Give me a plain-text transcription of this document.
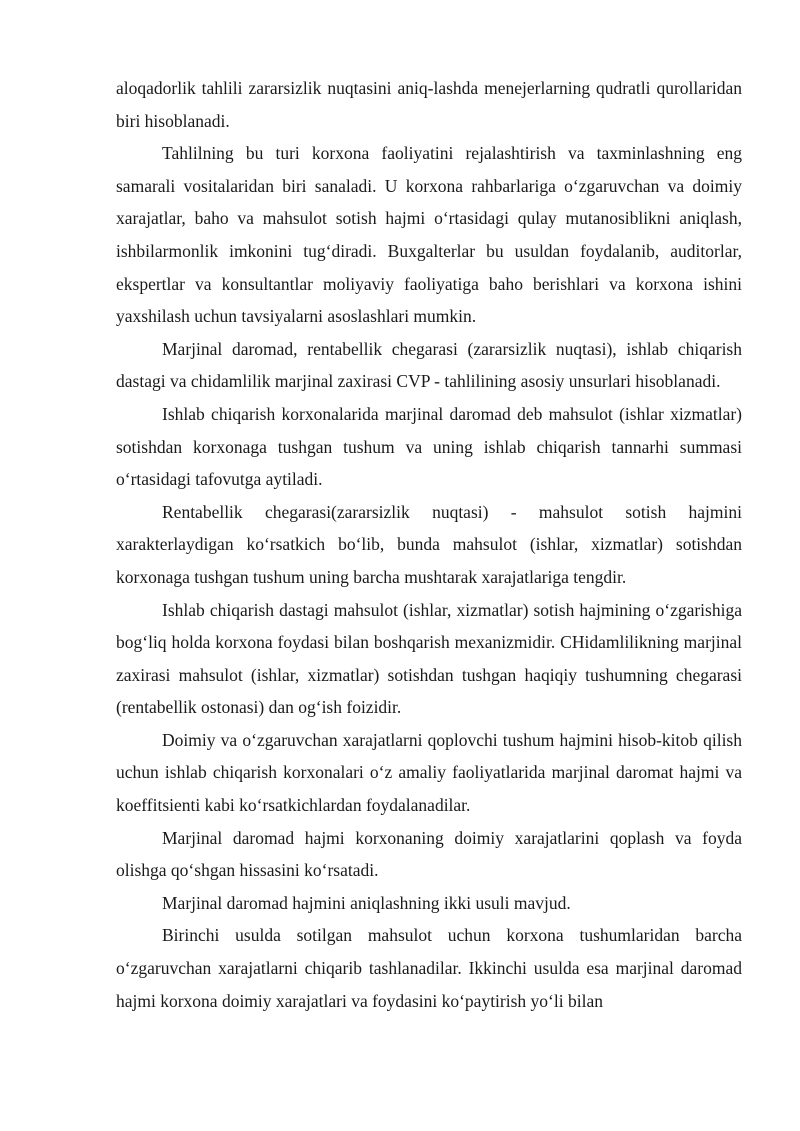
aloqadorlik tahlili zararsizlik nuqtasini aniq-lashda menejerlarning qudratli qurollaridan biri hisoblanadi.

Tahlilning bu turi korxona faoliyatini rejalashtirish va taxminlashning eng samarali vositalaridan biri sanaladi. U korxona rahbarlariga o‘zgaruvchan va doimiy xarajatlar, baho va mahsulot sotish hajmi o‘rtasidagi qulay mutanosiblikni aniqlash, ishbilarmonlik imkonini tug‘diradi. Buxgalterlar bu usuldan foydalanib, auditorlar, ekspertlar va konsultantlar moliyaviy faoliyatiga baho berishlari va korxona ishini yaxshilash uchun tavsiyalarni asoslashlari mumkin.

Marjinal daromad, rentabellik chegarasi (zararsizlik nuqtasi), ishlab chiqarish dastagi va chidamlilik marjinal zaxirasi CVP - tahlilining asosiy unsurlari hisoblanadi.

Ishlab chiqarish korxonalarida marjinal daromad deb mahsulot (ishlar xizmatlar) sotishdan korxonaga tushgan tushum va uning ishlab chiqarish tannarhi summasi o‘rtasidagi tafovutga aytiladi.

Rentabellik chegarasi(zararsizlik nuqtasi) - mahsulot sotish hajmini xarakterlaydigan ko‘rsatkich bo‘lib, bunda mahsulot (ishlar, xizmatlar) sotishdan korxonaga tushgan tushum uning barcha mushtarak xarajatlariga tengdir.

Ishlab chiqarish dastagi mahsulot (ishlar, xizmatlar) sotish hajmining o‘zgarishiga bog‘liq holda korxona foydasi bilan boshqarish mexanizmidir. CHidamlilikning marjinal zaxirasi mahsulot (ishlar, xizmatlar) sotishdan tushgan haqiqiy tushumning chegarasi (rentabellik ostonasi) dan og‘ish foizidir.

Doimiy va o‘zgaruvchan xarajatlarni qoplovchi tushum hajmini hisob-kitob qilish uchun ishlab chiqarish korxonalari o‘z amaliy faoliyatlarida marjinal daromat hajmi va koeffitsienti kabi ko‘rsatkichlardan foydalanadilar.

Marjinal daromad hajmi korxonaning doimiy xarajatlarini qoplash va foyda olishga qo‘shgan hissasini ko‘rsatadi.

Marjinal daromad hajmini aniqlashning ikki usuli mavjud.

Birinchi usulda sotilgan mahsulot uchun korxona tushumlaridan barcha o‘zgaruvchan xarajatlarni chiqarib tashlanadilar. Ikkinchi usulda esa marjinal daromad hajmi korxona doimiy xarajatlari va foydasini ko‘paytirish yo‘li bilan
